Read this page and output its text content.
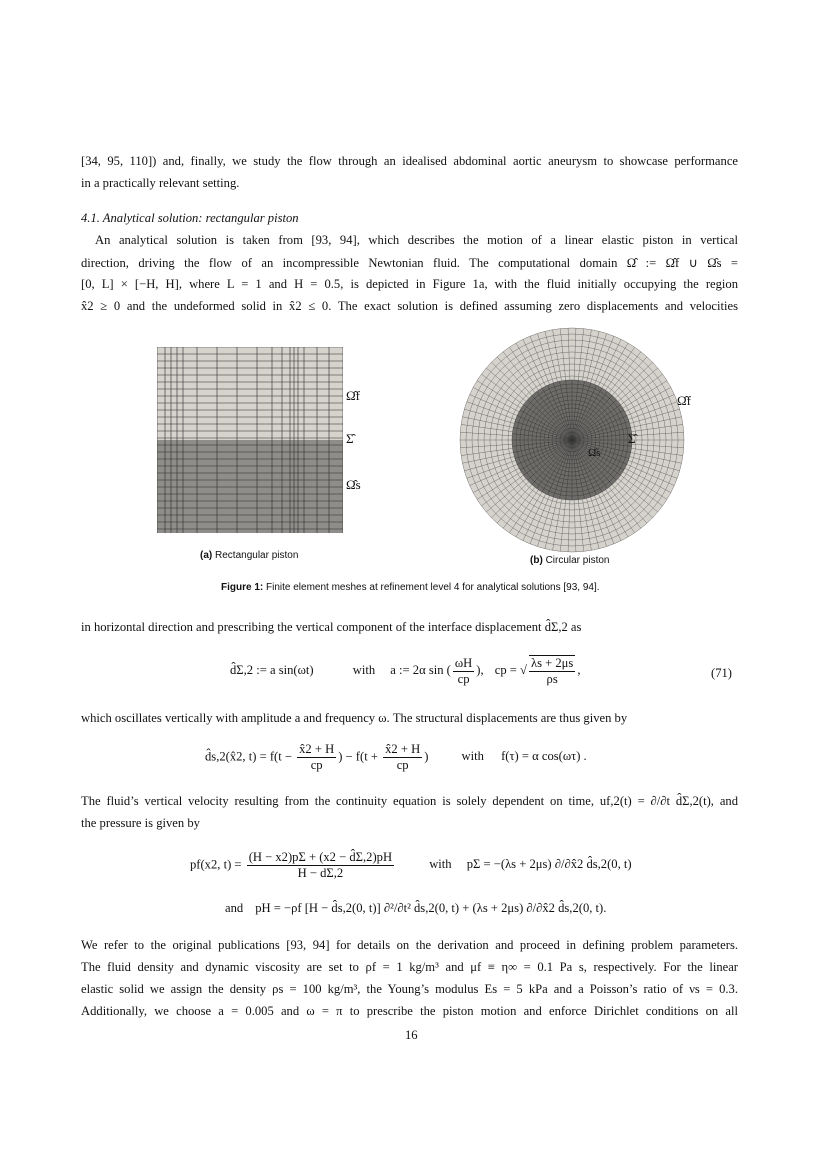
[34, 95, 110]) and, finally, we study the flow through an idealised abdominal aortic aneurysm to showcase performance
in a practically relevant setting.
4.1. Analytical solution: rectangular piston
An analytical solution is taken from [93, 94], which describes the motion of a linear elastic piston in vertical
direction, driving the flow of an incompressible Newtonian fluid. The computational domain Ω̂ := Ω̂f ∪ Ω̂s =
[0, L] × [−H, H], where L = 1 and H = 0.5, is depicted in Figure 1a, with the fluid initially occupying the region
x̂2 ≥ 0 and the undeformed solid in x̂2 ≤ 0. The exact solution is defined assuming zero displacements and velocities
Ω̂f
Σ̂
Ω̂s
Ω̂f
Σ̂
Ω̂s
(a) Rectangular piston	(b) Circular piston
Figure 1: Finite element meshes at refinement level 4 for analytical solutions [93, 94].
in horizontal direction and prescribing the vertical component of the interface displacement d̂Σ,2 as
d̂Σ,2 := a sin(ωt)	with a := 2α sin ( $\frac{\omega H}{cp}$ ), cp = √ $\frac{\lambda s + 2\mu s}{\rho s}$ ,	(71)
which oscillates vertically with amplitude a and frequency ω. The structural displacements are thus given by
d̂s,2(x̂2, $t) = f(t - \frac{x̂2 + H}{cp}$ ) − $f(t + \frac{x̂2 + H}{cp}$ ) with f(τ) = α cos(ωτ) .
The fluid’s vertical velocity resulting from the continuity equation is solely dependent on time, uf,2(t) = ∂/∂t d̂Σ,2(t), and
the pressure is given by
pf(x2, $t) = \frac{(H - x2)p\Sigma + (x2 - d̂\Sigma,2)pH}{H - d\Sigma,2}$	with pΣ = −(λs + 2μs) ∂/∂x̂2 d̂s,2(0, t)
and pH = −ρf [H − d̂s,2(0, t)] ∂²/∂t² d̂s,2(0, t) + (λs + 2μs) ∂/∂x̂2 d̂s,2(0, t).
We refer to the original publications [93, 94] for details on the derivation and proceed in defining problem parameters.
The fluid density and dynamic viscosity are set to ρf = 1 kg/m³ and μf ≡ η∞ = 0.1 Pa s, respectively. For the linear
elastic solid we assign the density ρs = 100 kg/m³, the Young’s modulus Es = 5 kPa and a Poisson’s ratio of νs = 0.3.
Additionally, we choose a = 0.005 and ω = π to prescribe the piston motion and enforce Dirichlet conditions on all
16
